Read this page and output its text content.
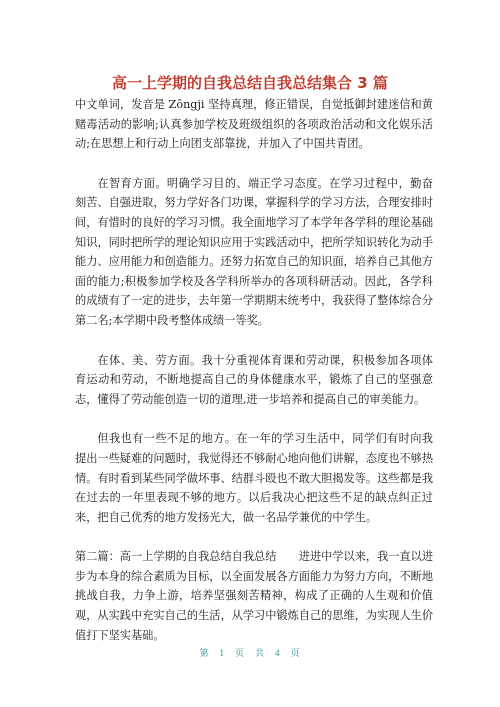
高一上学期的自我总结自我总结集合 3 篇

中文单词，发音是 Zōngji 坚持真理，修正错误，自觉抵御封建迷信和黄赌毒活动的影响;认真参加学校及班级组织的各项政治活动和文化娱乐活动;在思想上和行动上向团支部靠拢，并加入了中国共青团。

在智育方面。明确学习目的、端正学习态度。在学习过程中，勤奋刻苦、自强进取，努力学好各门功课，掌握科学的学习方法，合理安排时间，有惜时的良好的学习习惯。我全面地学习了本学年各学科的理论基础知识，同时把所学的理论知识应用于实践活动中，把所学知识转化为动手能力、应用能力和创造能力。还努力拓宽自己的知识面，培养自己其他方面的能力;积极参加学校及各学科所举办的各项科研活动。因此，各学科的成绩有了一定的进步，去年第一学期期末统考中，我获得了整体综合分第二名;本学期中段考整体成绩一等奖。

在体、美、劳方面。我十分重视体育课和劳动课，积极参加各项体育运动和劳动，不断地提高自己的身体健康水平，锻炼了自己的坚强意志，懂得了劳动能创造一切的道理,进一步培养和提高自己的审美能力。

但我也有一些不足的地方。在一年的学习生活中，同学们有时向我提出一些疑难的问题时，我觉得还不够耐心地向他们讲解，态度也不够热情。有时看到某些同学做坏事、结群斗殴也不敢大胆揭发等。这些都是我在过去的一年里表现不够的地方。以后我决心把这些不足的缺点纠正过来，把自己优秀的地方发扬光大，做一名品学兼优的中学生。

第二篇：高一上学期的自我总结自我总结　　进进中学以来，我一直以进步为本身的综合素质为目标，以全面发展各方面能力为努力方向，不断地挑战自我，力争上游，培养坚强刻苦精神，构成了正确的人生观和价值观，从实践中充实自己的生活，从学习中锻炼自己的思维，为实现人生价值打下坚实基础。

第 1 页 共 4 页
